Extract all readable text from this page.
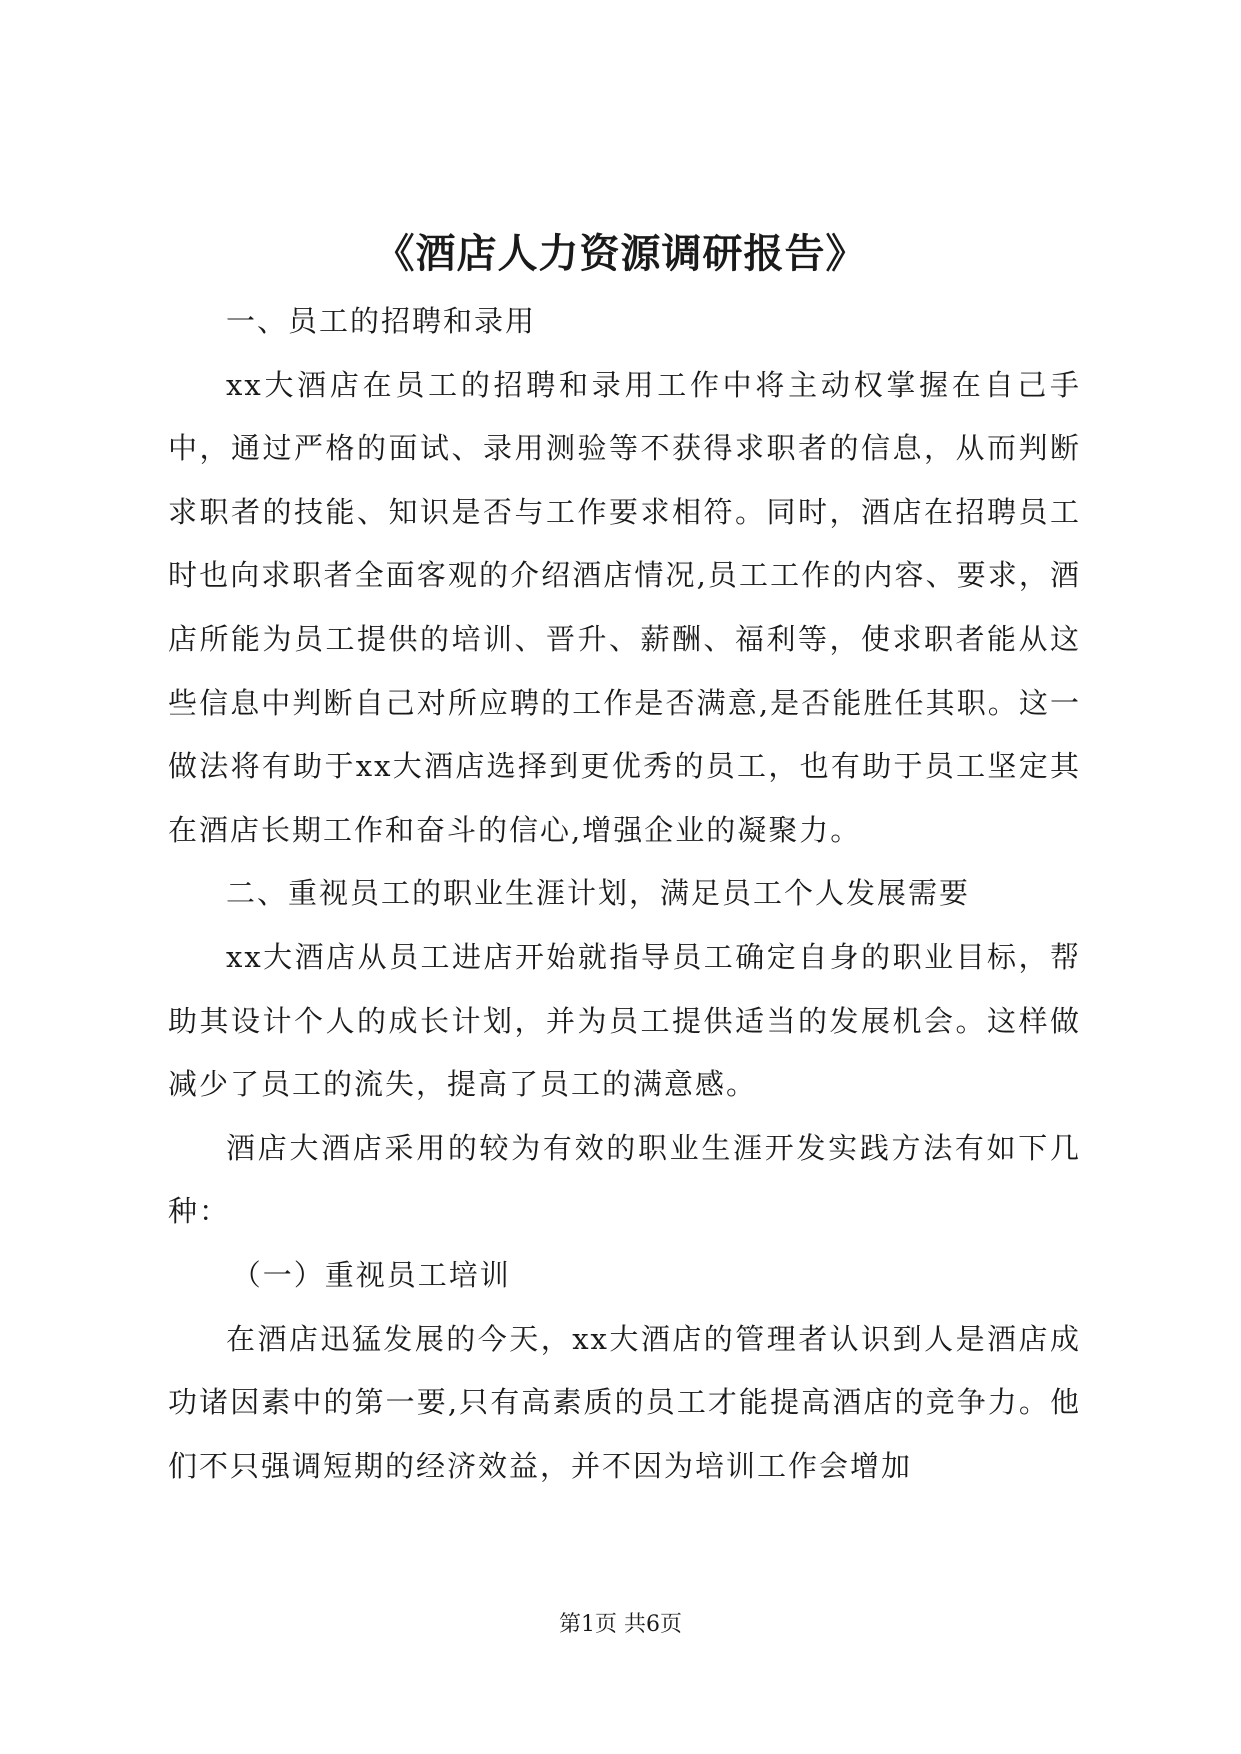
《酒店人力资源调研报告》

一、员工的招聘和录用

xx大酒店在员工的招聘和录用工作中将主动权掌握在自己手中，通过严格的面试、录用测验等不获得求职者的信息，从而判断求职者的技能、知识是否与工作要求相符。同时，酒店在招聘员工时也向求职者全面客观的介绍酒店情况,员工工作的内容、要求，酒店所能为员工提供的培训、晋升、薪酬、福利等，使求职者能从这些信息中判断自己对所应聘的工作是否满意,是否能胜任其职。这一做法将有助于xx大酒店选择到更优秀的员工，也有助于员工坚定其在酒店长期工作和奋斗的信心,增强企业的凝聚力。

二、重视员工的职业生涯计划，满足员工个人发展需要

xx大酒店从员工进店开始就指导员工确定自身的职业目标，帮助其设计个人的成长计划，并为员工提供适当的发展机会。这样做减少了员工的流失，提高了员工的满意感。

酒店大酒店采用的较为有效的职业生涯开发实践方法有如下几种：

（一）重视员工培训

在酒店迅猛发展的今天，xx大酒店的管理者认识到人是酒店成功诸因素中的第一要,只有高素质的员工才能提高酒店的竞争力。他们不只强调短期的经济效益，并不因为培训工作会增加

第1页 共6页
